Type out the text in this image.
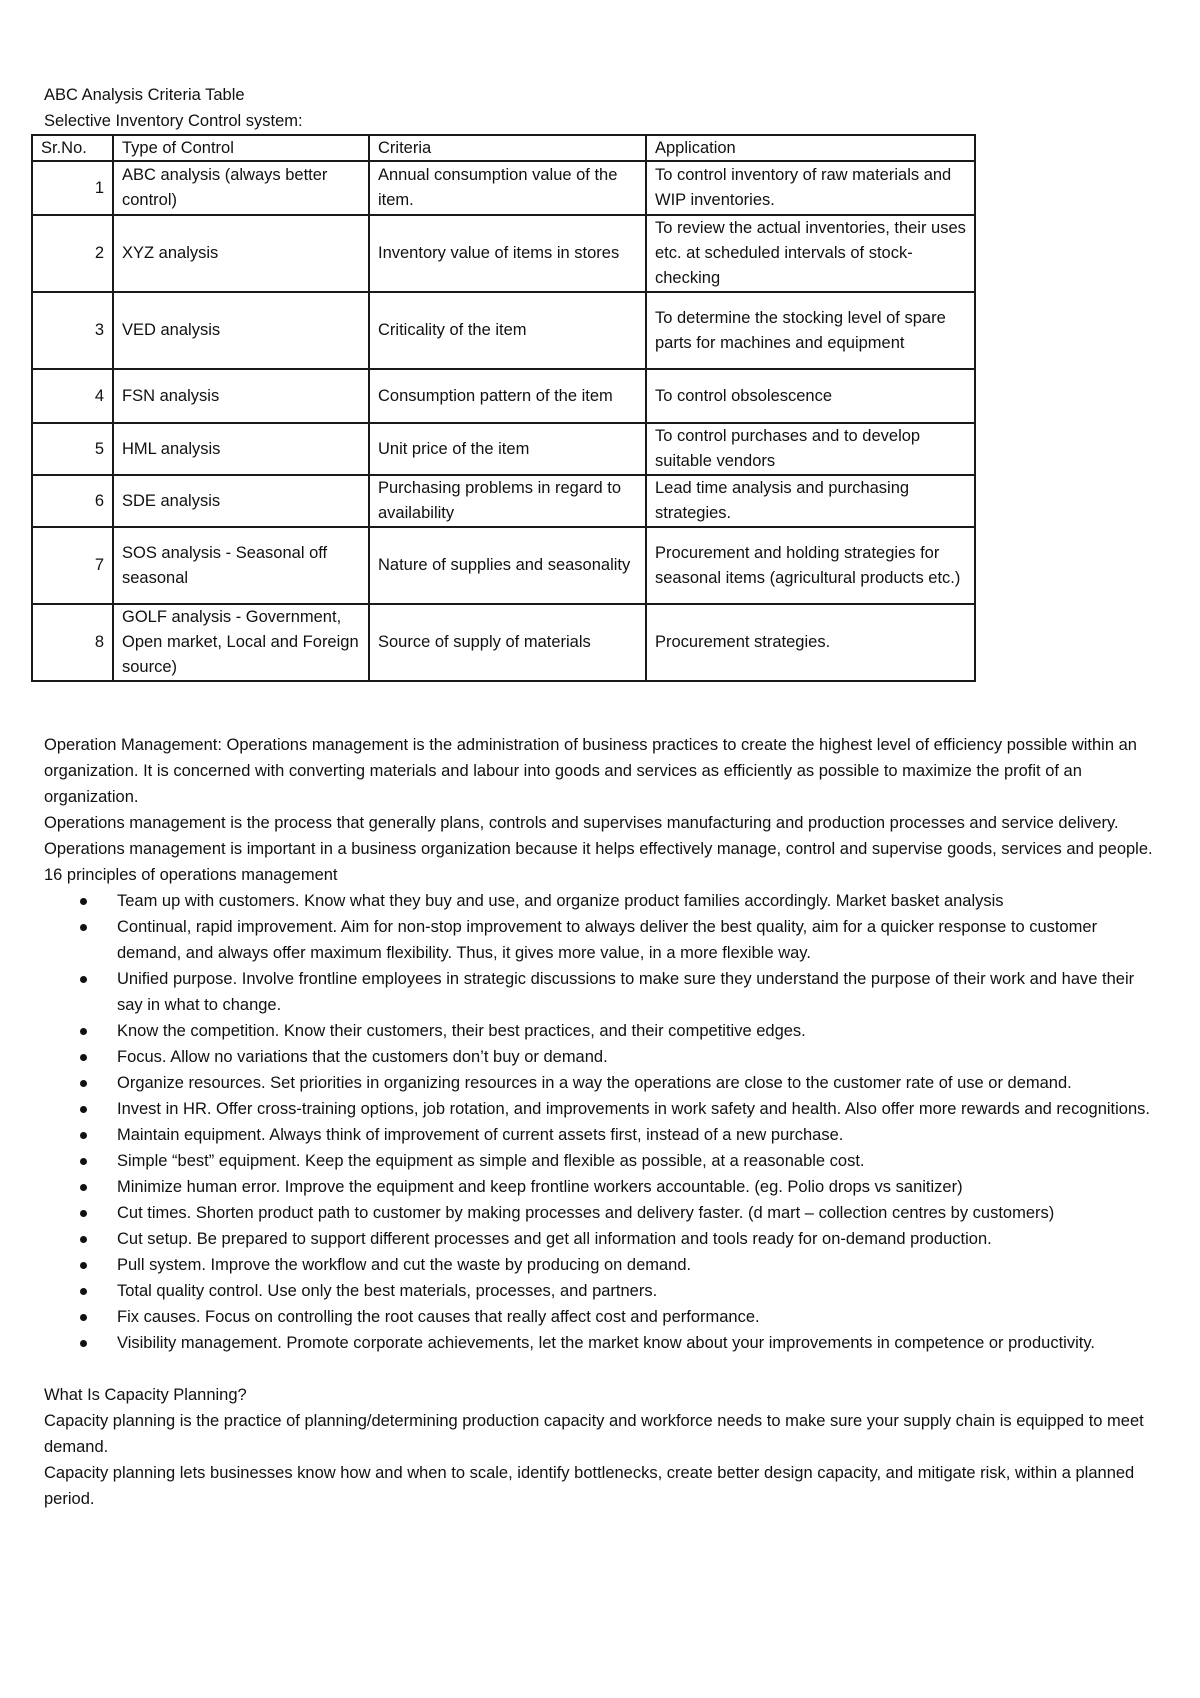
ABC Analysis Criteria Table
Selective Inventory Control system:
Sr.No.	Type of Control	Criteria	Application
1	ABC analysis (always better control)	Annual consumption value of the item.	To control inventory of raw materials and WIP inventories.
2	XYZ analysis	Inventory value of items in stores	To review the actual inventories, their uses etc. at scheduled intervals of stock-checking
3	VED analysis	Criticality of the item	To determine the stocking level of spare parts for machines and equipment
4	FSN analysis	Consumption pattern of the item	To control obsolescence
5	HML analysis	Unit price of the item	To control purchases and to develop suitable vendors
6	SDE analysis	Purchasing problems in regard to availability	Lead time analysis and purchasing strategies.
7	SOS analysis - Seasonal off seasonal	Nature of supplies and seasonality	Procurement and holding strategies for seasonal items (agricultural products etc.)
8	GOLF analysis - Government, Open market, Local and Foreign source)	Source of supply of materials	Procurement strategies.

Operation Management: Operations management is the administration of business practices to create the highest level of efficiency possible within an organization. It is concerned with converting materials and labour into goods and services as efficiently as possible to maximize the profit of an organization.

Operations management is the process that generally plans, controls and supervises manufacturing and production processes and service delivery. Operations management is important in a business organization because it helps effectively manage, control and supervise goods, services and people.

16 principles of operations management

Team up with customers. Know what they buy and use, and organize product families accordingly. Market basket analysis
Continual, rapid improvement. Aim for non-stop improvement to always deliver the best quality, aim for a quicker response to customer demand, and always offer maximum flexibility. Thus, it gives more value, in a more flexible way.
Unified purpose. Involve frontline employees in strategic discussions to make sure they understand the purpose of their work and have their say in what to change.
Know the competition. Know their customers, their best practices, and their competitive edges.
Focus. Allow no variations that the customers don’t buy or demand.
Organize resources. Set priorities in organizing resources in a way the operations are close to the customer rate of use or demand.
Invest in HR. Offer cross-training options, job rotation, and improvements in work safety and health. Also offer more rewards and recognitions.
Maintain equipment. Always think of improvement of current assets first, instead of a new purchase.
Simple “best” equipment. Keep the equipment as simple and flexible as possible, at a reasonable cost.
Minimize human error. Improve the equipment and keep frontline workers accountable. (eg. Polio drops vs sanitizer)
Cut times. Shorten product path to customer by making processes and delivery faster. (d mart – collection centres by customers)
Cut setup. Be prepared to support different processes and get all information and tools ready for on-demand production.
Pull system. Improve the workflow and cut the waste by producing on demand.
Total quality control. Use only the best materials, processes, and partners.
Fix causes. Focus on controlling the root causes that really affect cost and performance.
Visibility management. Promote corporate achievements, let the market know about your improvements in competence or productivity.

What Is Capacity Planning?

Capacity planning is the practice of planning/determining production capacity and workforce needs to make sure your supply chain is equipped to meet demand.

Capacity planning lets businesses know how and when to scale, identify bottlenecks, create better design capacity, and mitigate risk, within a planned period.
